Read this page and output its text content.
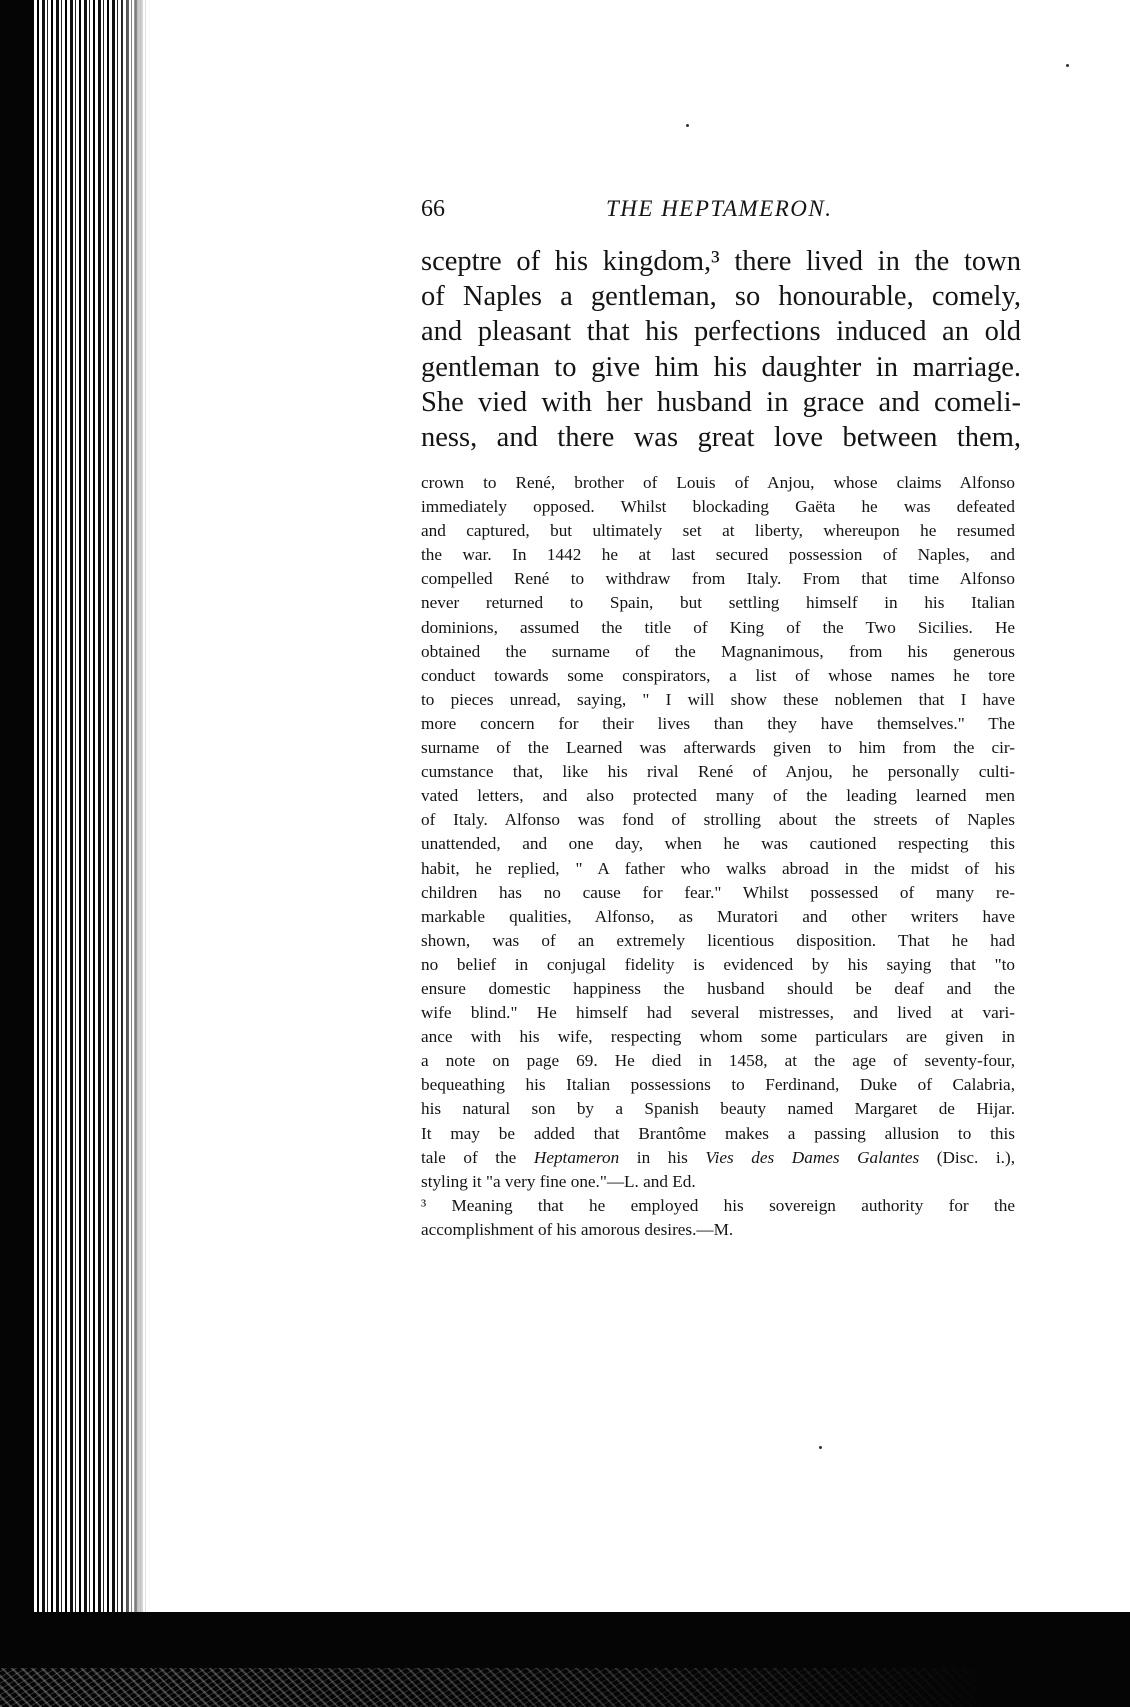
66	THE HEPTAMERON.
sceptre of his kingdom,³ there lived in the town
of Naples a gentleman, so honourable, comely,
and pleasant that his perfections induced an old
gentleman to give him his daughter in marriage.
She vied with her husband in grace and comeli-
ness, and there was great love between them,
crown to René, brother of Louis of Anjou, whose claims Alfonso
immediately opposed. Whilst blockading Gaëta he was defeated
and captured, but ultimately set at liberty, whereupon he resumed
the war. In 1442 he at last secured possession of Naples, and
compelled René to withdraw from Italy. From that time Alfonso
never returned to Spain, but settling himself in his Italian
dominions, assumed the title of King of the Two Sicilies. He
obtained the surname of the Magnanimous, from his generous
conduct towards some conspirators, a list of whose names he tore
to pieces unread, saying, " I will show these noblemen that I have
more concern for their lives than they have themselves." The
surname of the Learned was afterwards given to him from the cir-
cumstance that, like his rival René of Anjou, he personally culti-
vated letters, and also protected many of the leading learned men
of Italy. Alfonso was fond of strolling about the streets of Naples
unattended, and one day, when he was cautioned respecting this
habit, he replied, " A father who walks abroad in the midst of his
children has no cause for fear." Whilst possessed of many re-
markable qualities, Alfonso, as Muratori and other writers have
shown, was of an extremely licentious disposition. That he had
no belief in conjugal fidelity is evidenced by his saying that "to
ensure domestic happiness the husband should be deaf and the
wife blind." He himself had several mistresses, and lived at vari-
ance with his wife, respecting whom some particulars are given in
a note on page 69. He died in 1458, at the age of seventy-four,
bequeathing his Italian possessions to Ferdinand, Duke of Calabria,
his natural son by a Spanish beauty named Margaret de Hijar.
It may be added that Brantôme makes a passing allusion to this
tale of the Heptameron in his Vies des Dames Galantes (Disc. i.),
styling it "a very fine one."—L. and Ed.
³ Meaning that he employed his sovereign authority for the
accomplishment of his amorous desires.—M.
